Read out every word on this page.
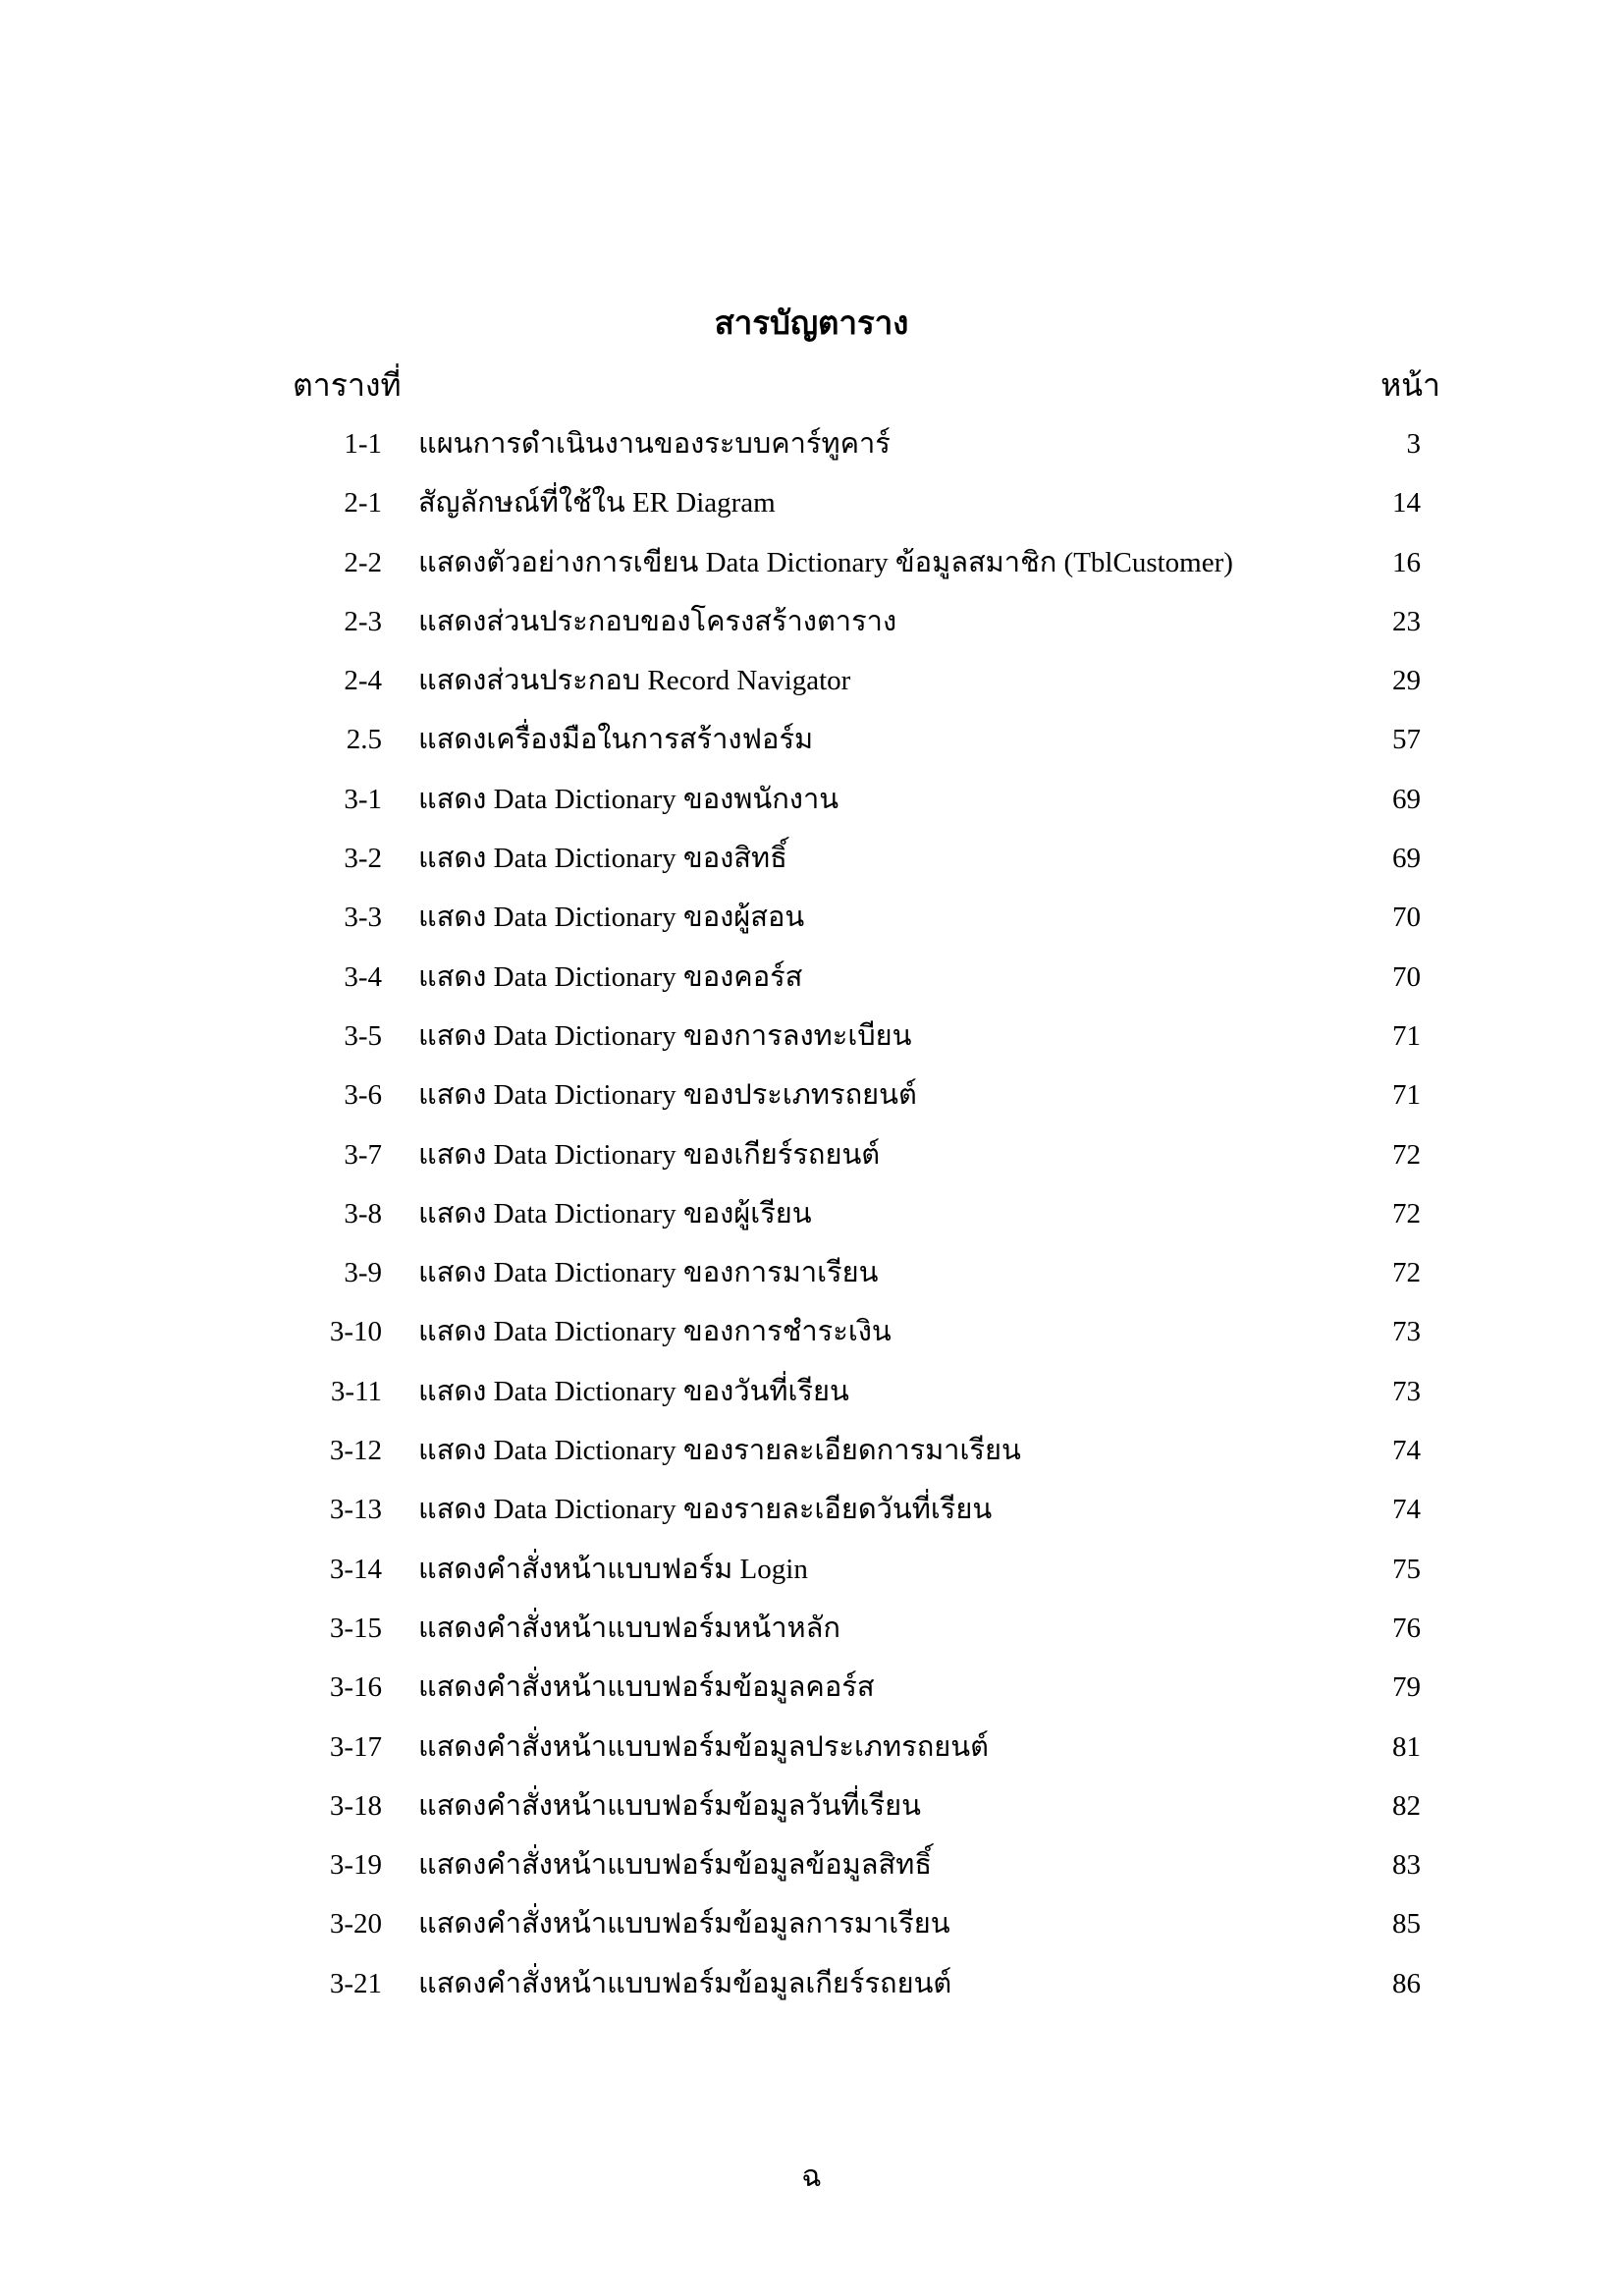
สารบัญตาราง
ตารางที่	หน้า
1-1 แผนการดำเนินงานของระบบคาร์ทูคาร์	3
2-1 สัญลักษณ์ที่ใช้ใน ER Diagram	14
2-2 แสดงตัวอย่างการเขียน Data Dictionary ข้อมูลสมาชิก (TblCustomer)	16
2-3 แสดงส่วนประกอบของโครงสร้างตาราง	23
2-4 แสดงส่วนประกอบ Record Navigator	29
2.5 แสดงเครื่องมือในการสร้างฟอร์ม	57
3-1 แสดง Data Dictionary ของพนักงาน	69
3-2 แสดง Data Dictionary ของสิทธิ์	69
3-3 แสดง Data Dictionary ของผู้สอน	70
3-4 แสดง Data Dictionary ของคอร์ส	70
3-5 แสดง Data Dictionary ของการลงทะเบียน	71
3-6 แสดง Data Dictionary ของประเภทรถยนต์	71
3-7 แสดง Data Dictionary ของเกียร์รถยนต์	72
3-8 แสดง Data Dictionary ของผู้เรียน	72
3-9 แสดง Data Dictionary ของการมาเรียน	72
3-10 แสดง Data Dictionary ของการชำระเงิน	73
3-11 แสดง Data Dictionary ของวันที่เรียน	73
3-12 แสดง Data Dictionary ของรายละเอียดการมาเรียน	74
3-13 แสดง Data Dictionary ของรายละเอียดวันที่เรียน	74
3-14 แสดงคำสั่งหน้าแบบฟอร์ม Login	75
3-15 แสดงคำสั่งหน้าแบบฟอร์มหน้าหลัก	76
3-16 แสดงคำสั่งหน้าแบบฟอร์มข้อมูลคอร์ส	79
3-17 แสดงคำสั่งหน้าแบบฟอร์มข้อมูลประเภทรถยนต์	81
3-18 แสดงคำสั่งหน้าแบบฟอร์มข้อมูลวันที่เรียน	82
3-19 แสดงคำสั่งหน้าแบบฟอร์มข้อมูลข้อมูลสิทธิ์	83
3-20 แสดงคำสั่งหน้าแบบฟอร์มข้อมูลการมาเรียน	85
3-21 แสดงคำสั่งหน้าแบบฟอร์มข้อมูลเกียร์รถยนต์	86
ฉ
